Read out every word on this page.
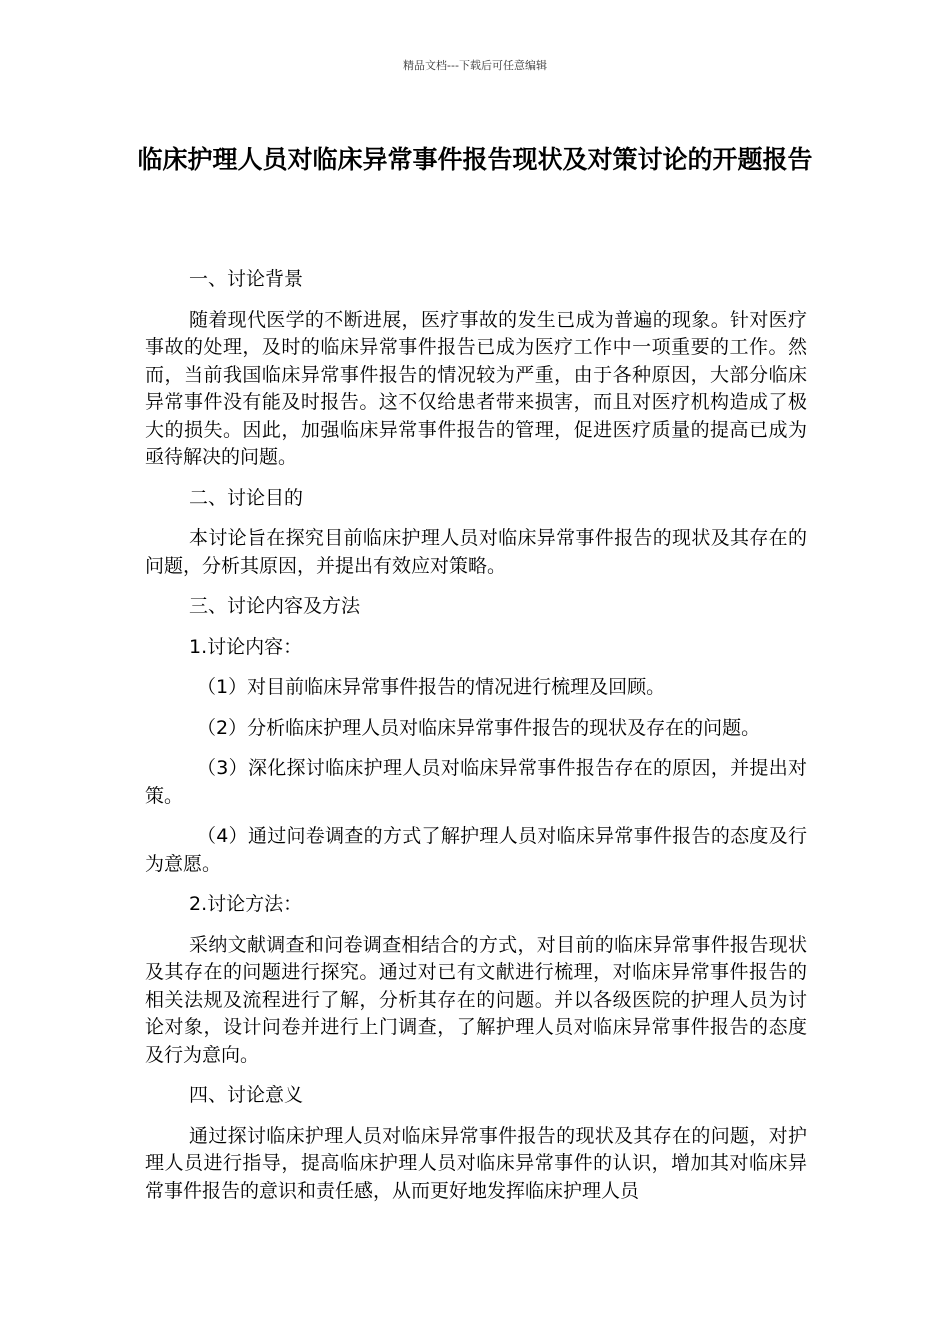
精品文档---下载后可任意编辑
临床护理人员对临床异常事件报告现状及对策讨论的开题报告

一、讨论背景

随着现代医学的不断进展，医疗事故的发生已成为普遍的现象。针对医疗事故的处理，及时的临床异常事件报告已成为医疗工作中一项重要的工作。然而，当前我国临床异常事件报告的情况较为严重，由于各种原因，大部分临床异常事件没有能及时报告。这不仅给患者带来损害，而且对医疗机构造成了极大的损失。因此，加强临床异常事件报告的管理，促进医疗质量的提高已成为亟待解决的问题。

二、讨论目的

本讨论旨在探究目前临床护理人员对临床异常事件报告的现状及其存在的问题，分析其原因，并提出有效应对策略。

三、讨论内容及方法

1.讨论内容：

（1）对目前临床异常事件报告的情况进行梳理及回顾。

（2）分析临床护理人员对临床异常事件报告的现状及存在的问题。

（3）深化探讨临床护理人员对临床异常事件报告存在的原因，并提出对策。

（4）通过问卷调查的方式了解护理人员对临床异常事件报告的态度及行为意愿。

2.讨论方法：

采纳文献调查和问卷调查相结合的方式，对目前的临床异常事件报告现状及其存在的问题进行探究。通过对已有文献进行梳理，对临床异常事件报告的相关法规及流程进行了解，分析其存在的问题。并以各级医院的护理人员为讨论对象，设计问卷并进行上门调查，了解护理人员对临床异常事件报告的态度及行为意向。

四、讨论意义

通过探讨临床护理人员对临床异常事件报告的现状及其存在的问题，对护理人员进行指导，提高临床护理人员对临床异常事件的认识，增加其对临床异常事件报告的意识和责任感，从而更好地发挥临床护理人员
